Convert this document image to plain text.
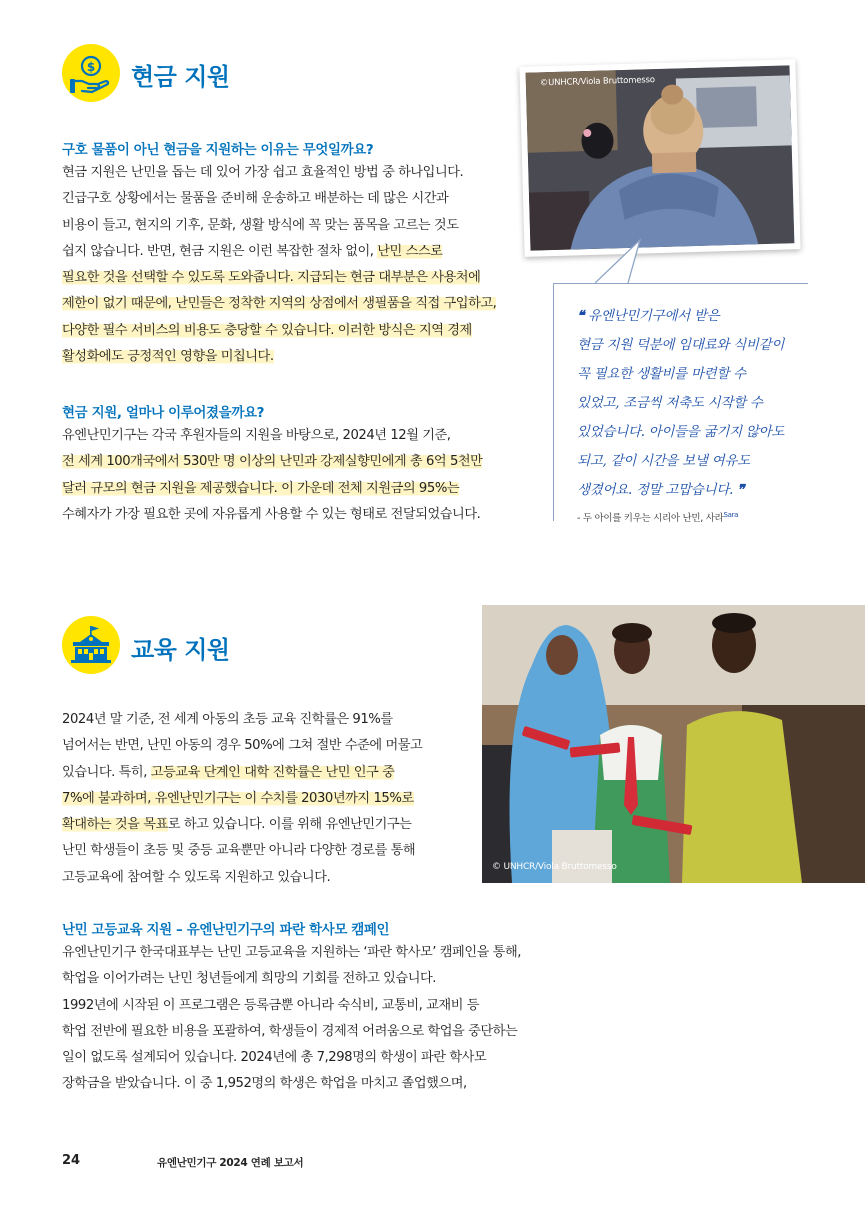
$ 현금 지원
구호 물품이 아닌 현금을 지원하는 이유는 무엇일까요?
현금 지원은 난민을 돕는 데 있어 가장 쉽고 효율적인 방법 중 하나입니다.
긴급구호 상황에서는 물품을 준비해 운송하고 배분하는 데 많은 시간과
비용이 들고, 현지의 기후, 문화, 생활 방식에 꼭 맞는 품목을 고르는 것도
쉽지 않습니다. 반면, 현금 지원은 이런 복잡한 절차 없이, 난민 스스로
필요한 것을 선택할 수 있도록 도와줍니다. 지급되는 현금 대부분은 사용처에
제한이 없기 때문에, 난민들은 정착한 지역의 상점에서 생필품을 직접 구입하고,
다양한 필수 서비스의 비용도 충당할 수 있습니다. 이러한 방식은 지역 경제
활성화에도 긍정적인 영향을 미칩니다.
현금 지원, 얼마나 이루어졌을까요?
유엔난민기구는 각국 후원자들의 지원을 바탕으로, 2024년 12월 기준,
전 세계 100개국에서 530만 명 이상의 난민과 강제실향민에게 총 6억 5천만
달러 규모의 현금 지원을 제공했습니다. 이 가운데 전체 지원금의 95%는
수혜자가 가장 필요한 곳에 자유롭게 사용할 수 있는 형태로 전달되었습니다.
©UNHCR/Viola Bruttomesso
❝ 유엔난민기구에서 받은
현금 지원 덕분에 임대료와 식비같이
꼭 필요한 생활비를 마련할 수
있었고, 조금씩 저축도 시작할 수
있었습니다. 아이들을 굶기지 않아도
되고, 같이 시간을 보낼 여유도
생겼어요. 정말 고맙습니다. ❞
- 두 아이를 키우는 시리아 난민, 사라$^{Sara}$
교육 지원
2024년 말 기준, 전 세계 아동의 초등 교육 진학률은 91%를
넘어서는 반면, 난민 아동의 경우 50%에 그쳐 절반 수준에 머물고
있습니다. 특히, 고등교육 단계인 대학 진학률은 난민 인구 중
7%에 불과하며, 유엔난민기구는 이 수치를 2030년까지 15%로
확대하는 것을 목표로 하고 있습니다. 이를 위해 유엔난민기구는
난민 학생들이 초등 및 중등 교육뿐만 아니라 다양한 경로를 통해
고등교육에 참여할 수 있도록 지원하고 있습니다.
© UNHCR/Viola Bruttomesso
난민 고등교육 지원 – 유엔난민기구의 파란 학사모 캠페인
유엔난민기구 한국대표부는 난민 고등교육을 지원하는 ‘파란 학사모’ 캠페인을 통해,
학업을 이어가려는 난민 청년들에게 희망의 기회를 전하고 있습니다.
1992년에 시작된 이 프로그램은 등록금뿐 아니라 숙식비, 교통비, 교재비 등
학업 전반에 필요한 비용을 포괄하여, 학생들이 경제적 어려움으로 학업을 중단하는
일이 없도록 설계되어 있습니다. 2024년에 총 7,298명의 학생이 파란 학사모
장학금을 받았습니다. 이 중 1,952명의 학생은 학업을 마치고 졸업했으며,
24	유엔난민기구 2024 연례 보고서
